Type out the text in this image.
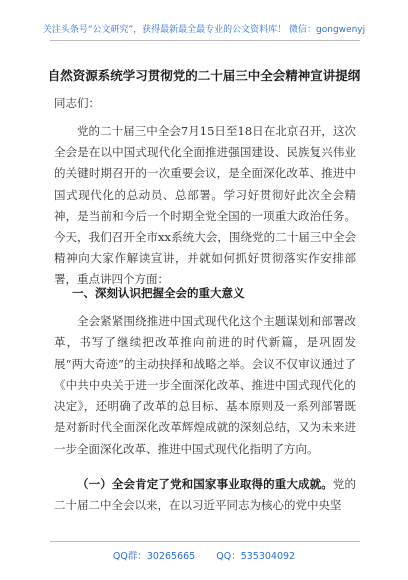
关注头条号“公文研究”，获得最新最全最专业的公文资料库！ 微信：gongwenyj
自然资源系统学习贯彻党的二十届三中全会精神宣讲提纲
同志们：

党的二十届三中全会7月15日至18日在北京召开，这次全会是在以中国式现代化全面推进强国建设、民族复兴伟业的关键时期召开的一次重要会议，是全面深化改革、推进中国式现代化的总动员、总部署。学习好贯彻好此次全会精神，是当前和今后一个时期全党全国的一项重大政治任务。今天，我们召开全市xx系统大会，围绕党的二十届三中全会精神向大家作解读宣讲，并就如何抓好贯彻落实作安排部署，重点讲四个方面：

一、深刻认识把握全会的重大意义

全会紧紧围绕推进中国式现代化这个主题谋划和部署改革，书写了继续把改革推向前进的时代新篇，是巩固发展“两大奇迹”的主动抉择和战略之举。会议不仅审议通过了《中共中央关于进一步全面深化改革、推进中国式现代化的决定》，还明确了改革的总目标、基本原则及一系列部署既是对新时代全面深化改革辉煌成就的深刻总结，又为未来进一步全面深化改革、推进中国式现代化指明了方向。

（一）全会肯定了党和国家事业取得的重大成就。党的二十届二中全会以来，在以习近平同志为核心的党中央坚

QQ群：30265665 QQ：535304092
